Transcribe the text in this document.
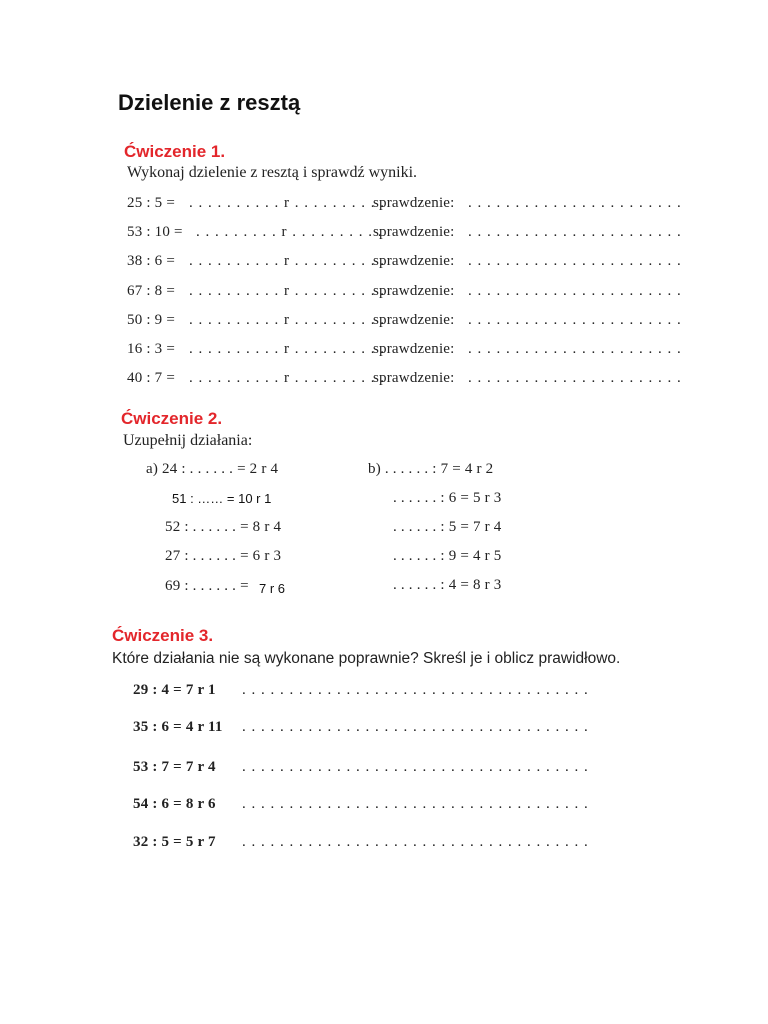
Dzielenie z resztą
Ćwiczenie 1.
Wykonaj dzielenie z resztą i sprawdź wyniki.
25 : 5 = . . . . . . . . . . r . . . . . . . . . .
sprawdzenie: . . . . . . . . . . . . . . . . . . . . . . .
53 : 10 = . . . . . . . . . r . . . . . . . . . .
sprawdzenie: . . . . . . . . . . . . . . . . . . . . . . .
38 : 6 = . . . . . . . . . . r . . . . . . . . . .
sprawdzenie: . . . . . . . . . . . . . . . . . . . . . . .
67 : 8 = . . . . . . . . . . r . . . . . . . . . .
sprawdzenie: . . . . . . . . . . . . . . . . . . . . . . .
50 : 9 = . . . . . . . . . . r . . . . . . . . . .
sprawdzenie: . . . . . . . . . . . . . . . . . . . . . . .
16 : 3 = . . . . . . . . . . r . . . . . . . . . .
sprawdzenie: . . . . . . . . . . . . . . . . . . . . . . .
40 : 7 = . . . . . . . . . . r . . . . . . . . . .
sprawdzenie: . . . . . . . . . . . . . . . . . . . . . . .
Ćwiczenie 2.
Uzupełnij działania:
a) 24 : . . . . . . = 2 r 4
51 : …… = 10 r 1
52 : . . . . . . = 8 r 4
27 : . . . . . . = 6 r 3
69 : . . . . . . = 7 r 6
b) . . . . . . : 7 = 4 r 2
. . . . . . : 6 = 5 r 3
. . . . . . : 5 = 7 r 4
. . . . . . : 9 = 4 r 5
. . . . . . : 4 = 8 r 3
Ćwiczenie 3.
Które działania nie są wykonane poprawnie? Skreśl je i oblicz prawidłowo.
29 : 4 = 7 r 1 . . . . . . . . . . . . . . . . . . . . . . . . . . . . . . . . . . . . .
35 : 6 = 4 r 11 . . . . . . . . . . . . . . . . . . . . . . . . . . . . . . . . . . . . .
53 : 7 = 7 r 4 . . . . . . . . . . . . . . . . . . . . . . . . . . . . . . . . . . . . .
54 : 6 = 8 r 6 . . . . . . . . . . . . . . . . . . . . . . . . . . . . . . . . . . . . .
32 : 5 = 5 r 7 . . . . . . . . . . . . . . . . . . . . . . . . . . . . . . . . . . . . .
